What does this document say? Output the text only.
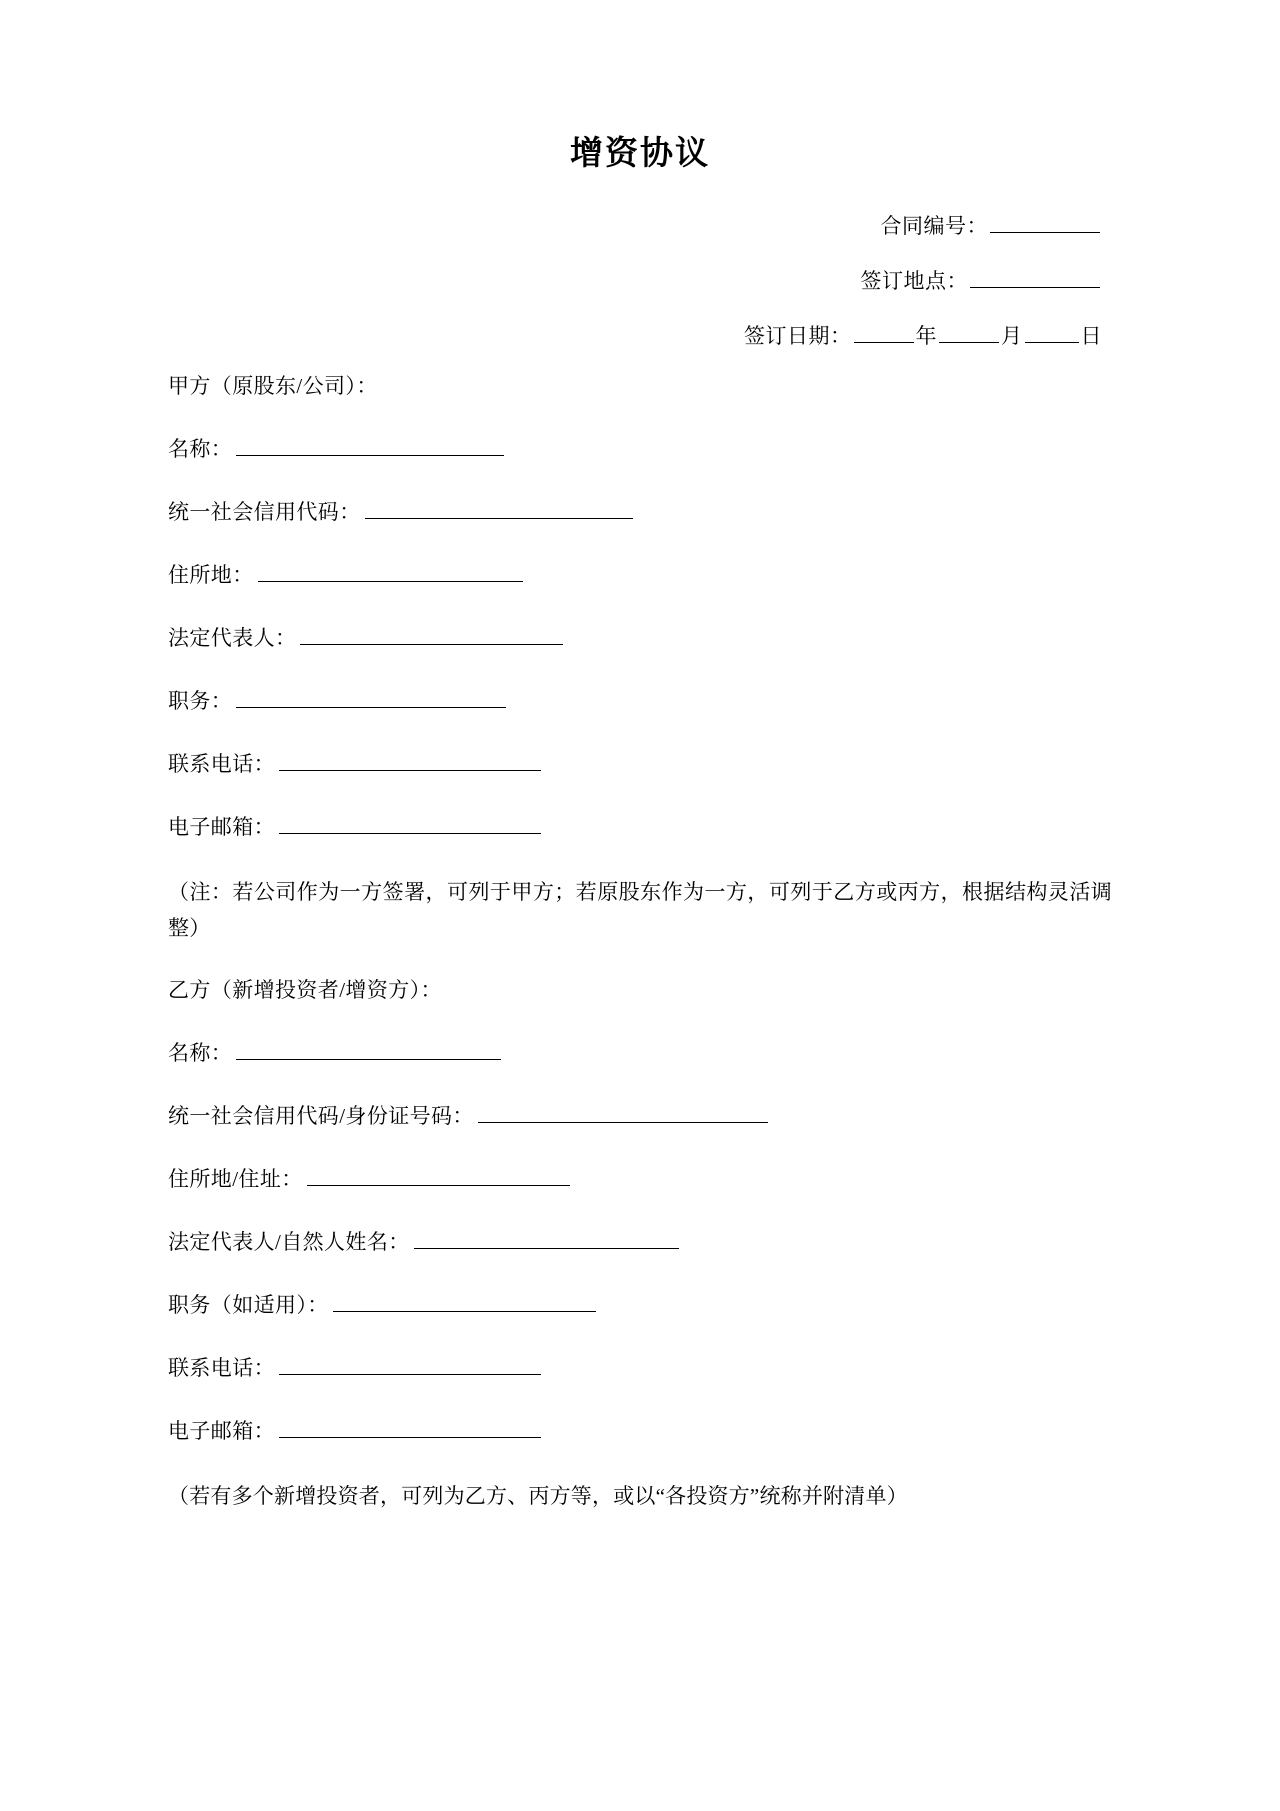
增资协议
合同编号：
签订地点：
签订日期：	年	月	日
甲方（原股东/公司）：
名称：
统一社会信用代码：
住所地：
法定代表人：
职务：
联系电话：
电子邮箱：
（注：若公司作为一方签署，可列于甲方；若原股东作为一方，可列于乙方或丙方，根据结构灵活调整）
乙方（新增投资者/增资方）：
名称：
统一社会信用代码/身份证号码：
住所地/住址：
法定代表人/自然人姓名：
职务（如适用）：
联系电话：
电子邮箱：
（若有多个新增投资者，可列为乙方、丙方等，或以“各投资方”统称并附清单）
